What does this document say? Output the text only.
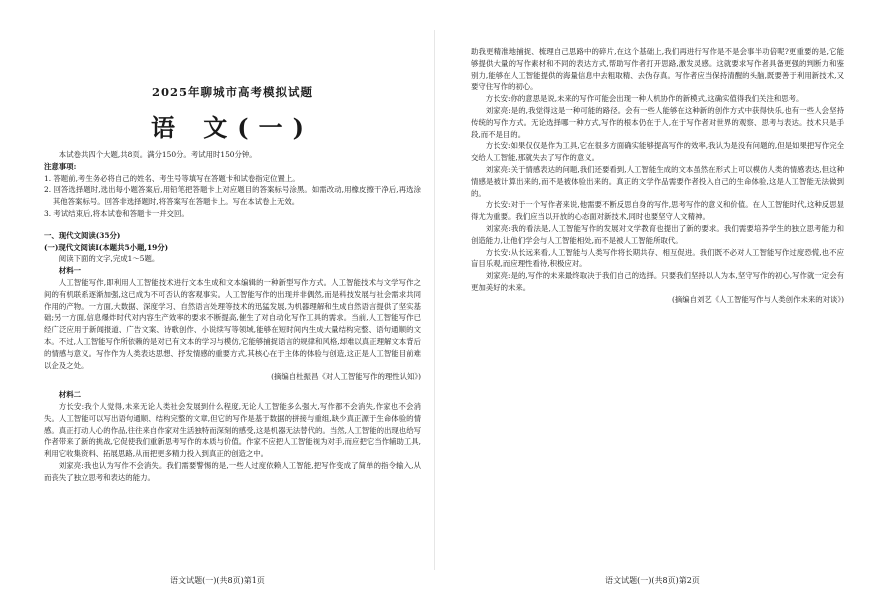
2025年聊城市高考模拟试题
语 文(一)

本试卷共四个大题,共8页。满分150分。考试用时150分钟。

注意事项:

1. 答题前,考生务必将自己的姓名、考生号等填写在答题卡和试卷指定位置上。

2. 回答选择题时,选出每小题答案后,用铅笔把答题卡上对应题目的答案标号涂黑。如需改动,用橡皮擦干净后,再选涂其他答案标号。回答非选择题时,将答案写在答题卡上。写在本试卷上无效。

3. 考试结束后,将本试卷和答题卡一并交回。

一、现代文阅读(35分)

(一)现代文阅读Ⅰ(本题共5小题,19分)

阅读下面的文字,完成1～5题。

材料一

人工智能写作,即利用人工智能技术进行文本生成和文本编辑的一种新型写作方式。人工智能技术与文学写作之间的有机联系逐渐加强,这已成为不可否认的客观事实。人工智能写作的出现并非偶然,而是科技发展与社会需求共同作用的产物。一方面,大数据、深度学习、自然语言处理等技术的迅猛发展,为机器理解和生成自然语言提供了坚实基础;另一方面,信息爆炸时代对内容生产效率的要求不断提高,催生了对自动化写作工具的需求。当前,人工智能写作已经广泛应用于新闻报道、广告文案、诗歌创作、小说续写等领域,能够在短时间内生成大量结构完整、语句通顺的文本。不过,人工智能写作所依赖的是对已有文本的学习与模仿,它能够捕捉语言的规律和风格,却难以真正理解文本背后的情感与意义。写作作为人类表达思想、抒发情感的重要方式,其核心在于主体的体验与创造,这正是人工智能目前难以企及之处。

(摘编自杜振昌《对人工智能写作的理性认知》)

材料二

方长安:我个人觉得,未来无论人类社会发展到什么程度,无论人工智能多么强大,写作都不会消失,作家也不会消失。人工智能可以写出语句通顺、结构完整的文章,但它的写作是基于数据的拼接与重组,缺少真正源于生命体验的情感。真正打动人心的作品,往往来自作家对生活独特而深刻的感受,这是机器无法替代的。当然,人工智能的出现也给写作者带来了新的挑战,它促使我们重新思考写作的本质与价值。作家不应把人工智能视为对手,而应把它当作辅助工具,利用它收集资料、拓展思路,从而把更多精力投入到真正的创造之中。

刘家亮:我也认为写作不会消失。我们需要警惕的是,一些人过度依赖人工智能,把写作变成了简单的指令输入,从而丧失了独立思考和表达的能力。

语文试题(一)(共8页)第1页

助我更精准地捕捉、梳理自己思路中的碎片,在这个基础上,我们再进行写作是不是会事半功倍呢?更重要的是,它能够提供大量的写作素材和不同的表达方式,帮助写作者打开思路,激发灵感。这就要求写作者具备更强的判断力和鉴别力,能够在人工智能提供的海量信息中去粗取精、去伪存真。写作者应当保持清醒的头脑,既要善于利用新技术,又要守住写作的初心。

方长安:你的意思是说,未来的写作可能会出现一种人机协作的新模式,这确实值得我们关注和思考。

刘家亮:是的,我觉得这是一种可能的路径。会有一些人能够在这种新的创作方式中获得快乐,也有一些人会坚持传统的写作方式。无论选择哪一种方式,写作的根本仍在于人,在于写作者对世界的观察、思考与表达。技术只是手段,而不是目的。

方长安:如果仅仅是作为工具,它在很多方面确实能够提高写作的效率,我认为是没有问题的,但是如果把写作完全交给人工智能,那就失去了写作的意义。

刘家亮:关于情感表达的问题,我们还要看到,人工智能生成的文本虽然在形式上可以模仿人类的情感表达,但这种情感是被计算出来的,而不是被体验出来的。真正的文学作品需要作者投入自己的生命体验,这是人工智能无法做到的。

方长安:对于一个写作者来说,他需要不断反思自身的写作,思考写作的意义和价值。在人工智能时代,这种反思显得尤为重要。我们应当以开放的心态面对新技术,同时也要坚守人文精神。

刘家亮:我的看法是,人工智能写作的发展对文学教育也提出了新的要求。我们需要培养学生的独立思考能力和创造能力,让他们学会与人工智能相处,而不是被人工智能所取代。

方长安:从长远来看,人工智能与人类写作将长期共存、相互促进。我们既不必对人工智能写作过度恐慌,也不应盲目乐观,而应理性看待,积极应对。

刘家亮:是的,写作的未来最终取决于我们自己的选择。只要我们坚持以人为本,坚守写作的初心,写作就一定会有更加美好的未来。

(摘编自刘艺《人工智能写作与人类创作未来的对谈》)

语文试题(一)(共8页)第2页
